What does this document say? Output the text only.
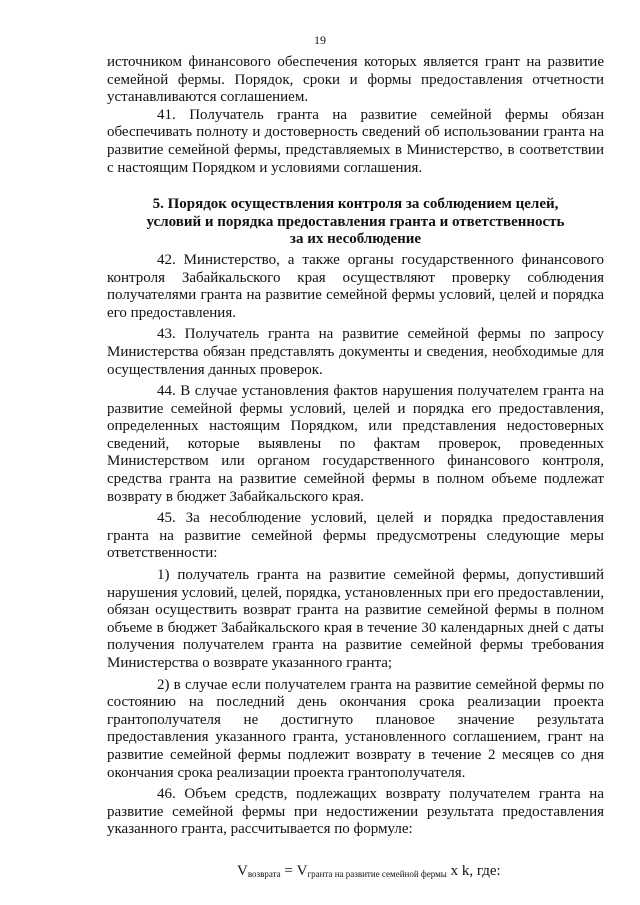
19

источником финансового обеспечения которых является грант на развитие семейной фермы. Порядок, сроки и формы предоставления отчетности устанавливаются соглашением.

41. Получатель гранта на развитие семейной фермы обязан обеспечивать полноту и достоверность сведений об использовании гранта на развитие семейной фермы, представляемых в Министерство, в соответствии с настоящим Порядком и условиями соглашения.

5. Порядок осуществления контроля за соблюдением целей,
условий и порядка предоставления гранта и ответственность
за их несоблюдение

42. Министерство, а также органы государственного финансового контроля Забайкальского края осуществляют проверку соблюдения получателями гранта на развитие семейной фермы условий, целей и порядка его предоставления.

43. Получатель гранта на развитие семейной фермы по запросу Министерства обязан представлять документы и сведения, необходимые для осуществления данных проверок.

44. В случае установления фактов нарушения получателем гранта на развитие семейной фермы условий, целей и порядка его предоставления, определенных настоящим Порядком, или представления недостоверных сведений, которые выявлены по фактам проверок, проведенных Министерством или органом государственного финансового контроля, средства гранта на развитие семейной фермы в полном объеме подлежат возврату в бюджет Забайкальского края.

45. За несоблюдение условий, целей и порядка предоставления гранта на развитие семейной фермы предусмотрены следующие меры ответственности:

1) получатель гранта на развитие семейной фермы, допустивший нарушения условий, целей, порядка, установленных при его предоставлении, обязан осуществить возврат гранта на развитие семейной фермы в полном объеме в бюджет Забайкальского края в течение 30 календарных дней с даты получения получателем гранта на развитие семейной фермы требования Министерства о возврате указанного гранта;

2) в случае если получателем гранта на развитие семейной фермы по состоянию на последний день окончания срока реализации проекта грантополучателя не достигнуто плановое значение результата предоставления указанного гранта, установленного соглашением, грант на развитие семейной фермы подлежит возврату в течение 2 месяцев со дня окончания срока реализации проекта грантополучателя.

46. Объем средств, подлежащих возврату получателем гранта на развитие семейной фермы при недостижении результата предоставления указанного гранта, рассчитывается по формуле:

$V_{возврата} = V_{гранта на развитие семейной фермы}$ x k, где:
